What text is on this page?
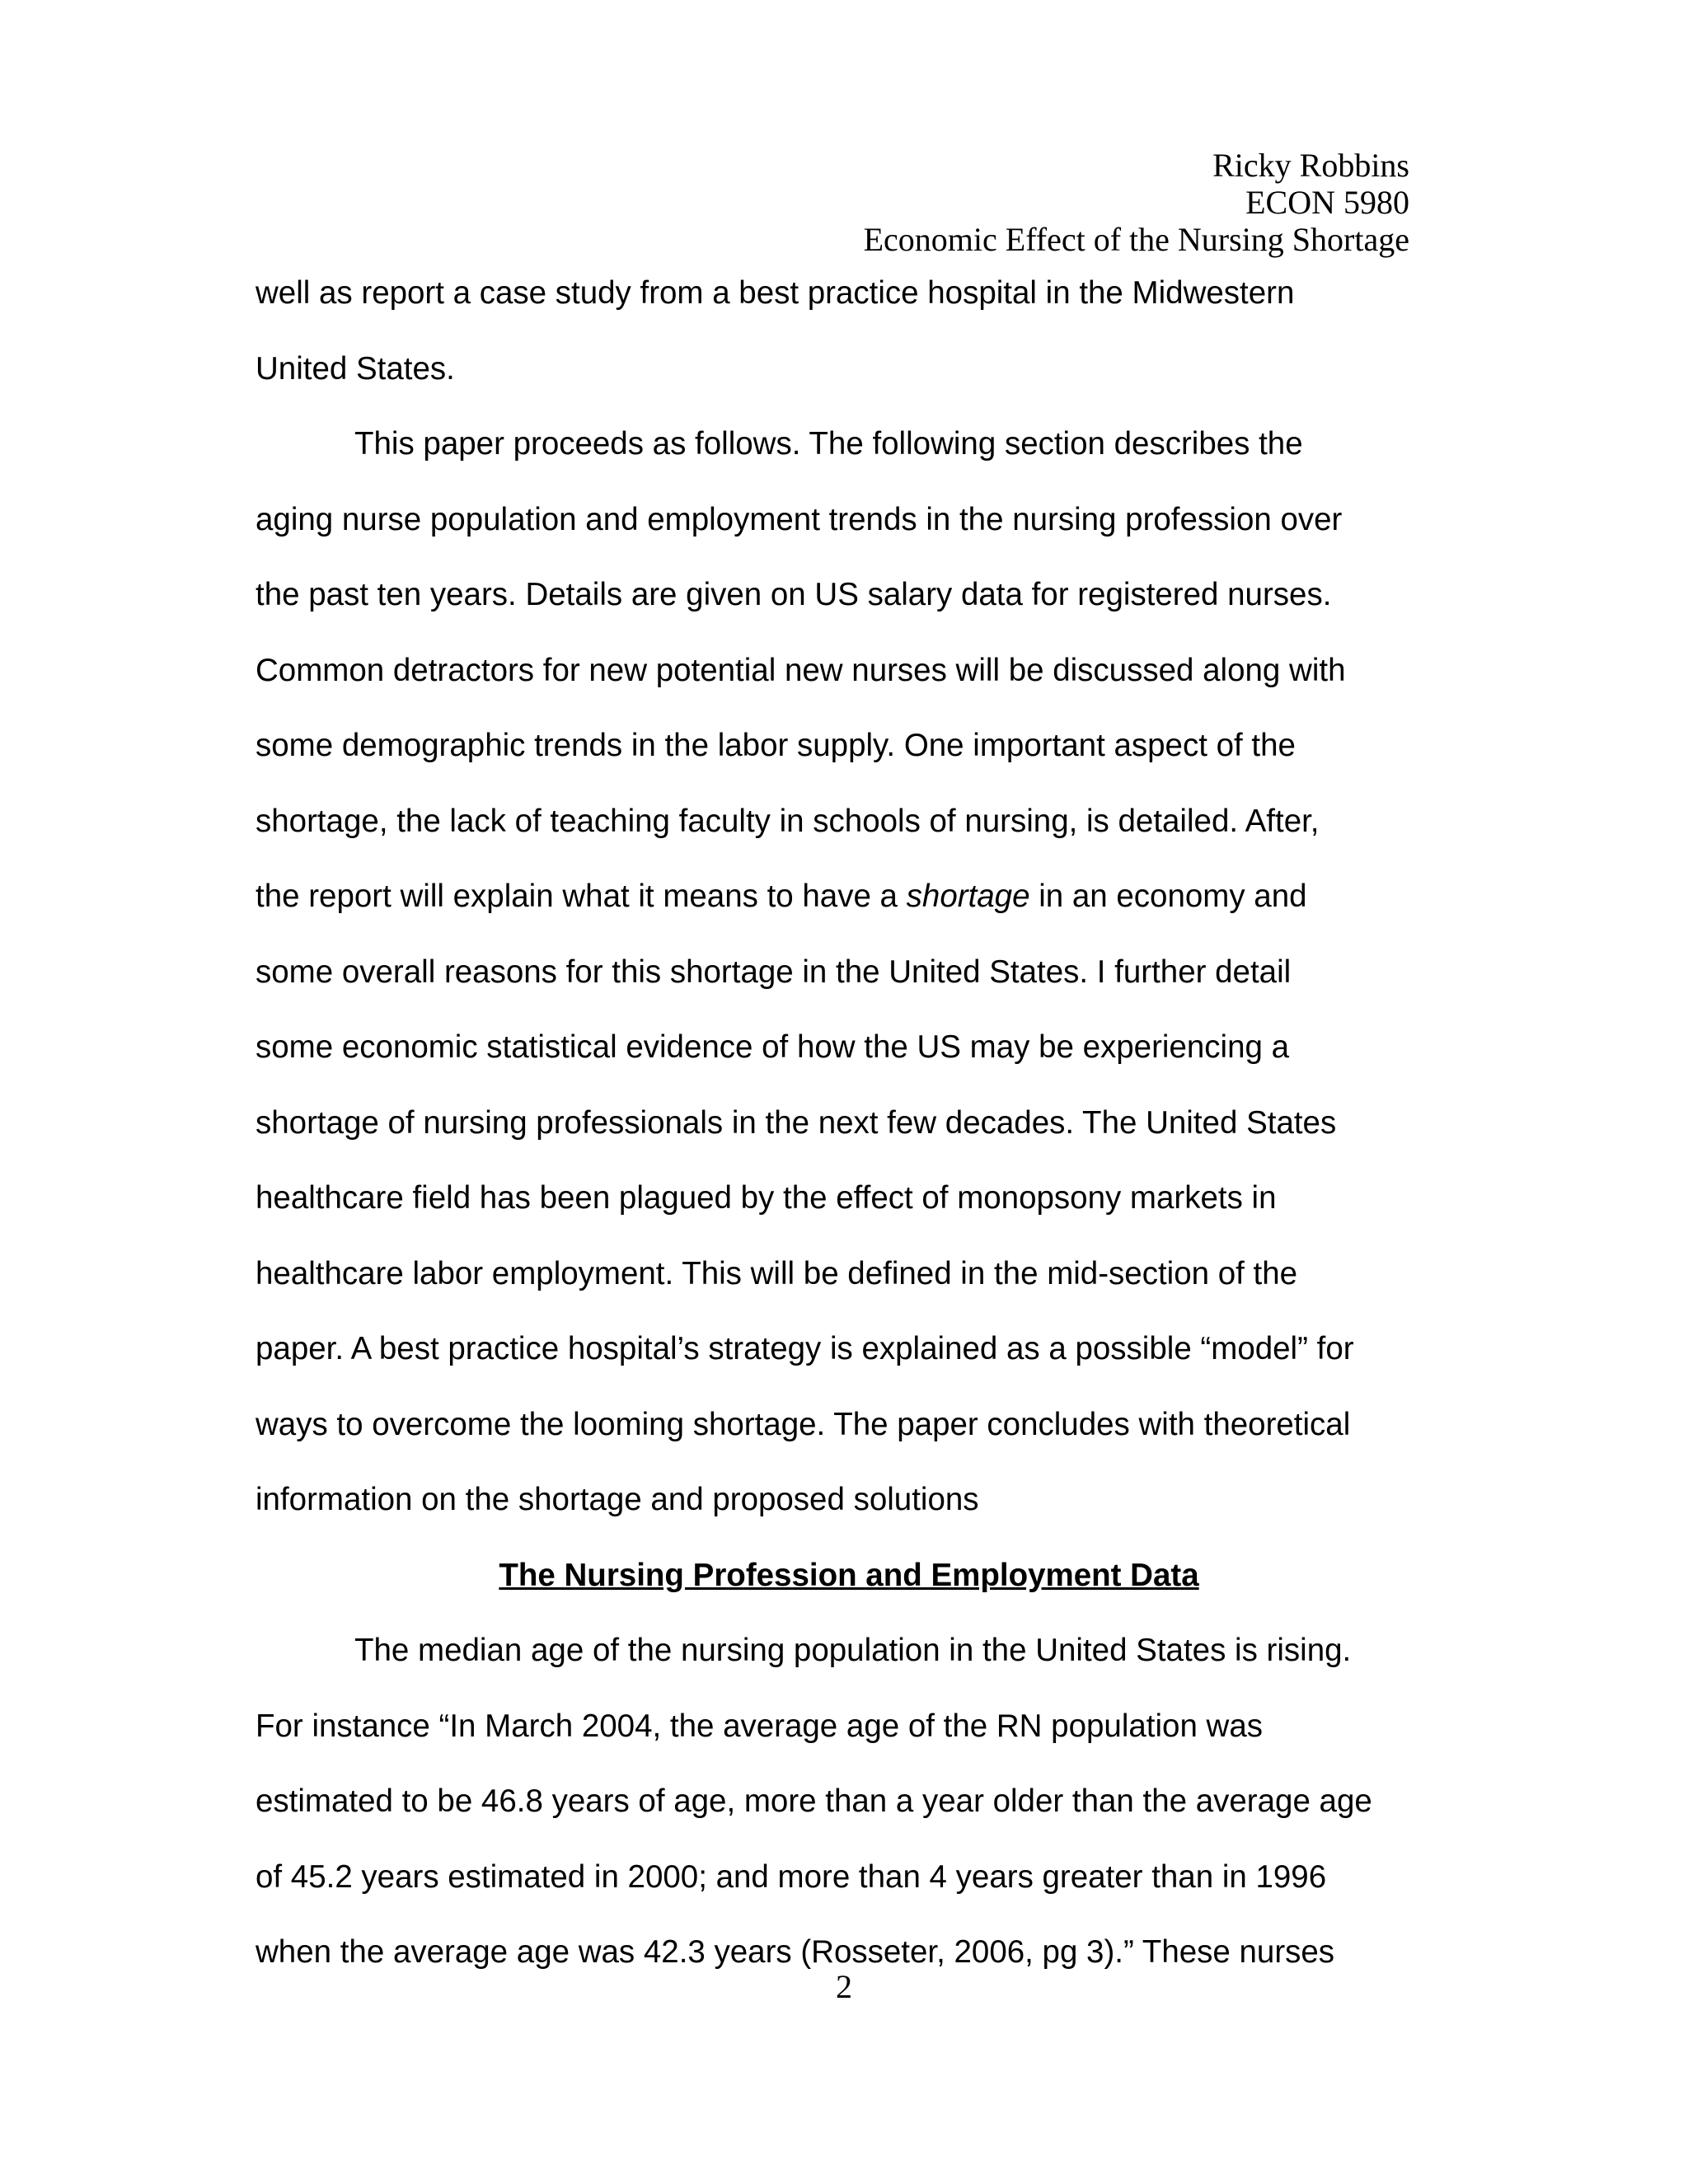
Ricky Robbins
ECON 5980
Economic Effect of the Nursing Shortage
well as report a case study from a best practice hospital in the Midwestern
United States.
This paper proceeds as follows. The following section describes the
aging nurse population and employment trends in the nursing profession over
the past ten years. Details are given on US salary data for registered nurses.
Common detractors for new potential new nurses will be discussed along with
some demographic trends in the labor supply. One important aspect of the
shortage, the lack of teaching faculty in schools of nursing, is detailed. After,
the report will explain what it means to have a shortage in an economy and
some overall reasons for this shortage in the United States. I further detail
some economic statistical evidence of how the US may be experiencing a
shortage of nursing professionals in the next few decades. The United States
healthcare field has been plagued by the effect of monopsony markets in
healthcare labor employment. This will be defined in the mid-section of the
paper. A best practice hospital’s strategy is explained as a possible “model” for
ways to overcome the looming shortage. The paper concludes with theoretical
information on the shortage and proposed solutions
The Nursing Profession and Employment Data
The median age of the nursing population in the United States is rising.
For instance “In March 2004, the average age of the RN population was
estimated to be 46.8 years of age, more than a year older than the average age
of 45.2 years estimated in 2000; and more than 4 years greater than in 1996
when the average age was 42.3 years (Rosseter, 2006, pg 3).” These nurses
2
